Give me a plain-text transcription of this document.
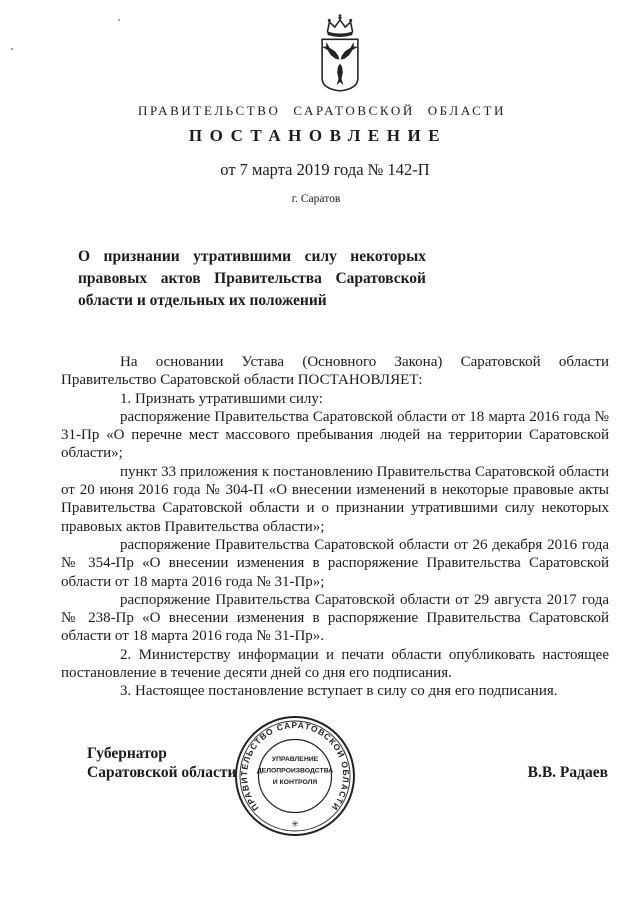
ПРАВИТЕЛЬСТВО САРАТОВСКОЙ ОБЛАСТИ
ПОСТАНОВЛЕНИЕ
от 7 марта 2019 года № 142-П
г. Саратов
О признании утратившими силу некоторых правовых актов Правительства Саратовской области и отдельных их положений

На основании Устава (Основного Закона) Саратовской области Правительство Саратовской области ПОСТАНОВЛЯЕТ:

1. Признать утратившими силу:

распоряжение Правительства Саратовской области от 18 марта 2016 года № 31-Пр «О перечне мест массового пребывания людей на территории Саратовской области»;

пункт 33 приложения к постановлению Правительства Саратовской области от 20 июня 2016 года № 304-П «О внесении изменений в некоторые правовые акты Правительства Саратовской области и о признании утратившими силу некоторых правовых актов Правительства области»;

распоряжение Правительства Саратовской области от 26 декабря 2016 года № 354-Пр «О внесении изменения в распоряжение Правительства Саратовской области от 18 марта 2016 года № 31-Пр»;

распоряжение Правительства Саратовской области от 29 августа 2017 года № 238-Пр «О внесении изменения в распоряжение Правительства Саратовской области от 18 марта 2016 года № 31-Пр».

2. Министерству информации и печати области опубликовать настоящее постановление в течение десяти дней со дня его подписания.

3. Настоящее постановление вступает в силу со дня его подписания.

Губернатор
Саратовской области	В.В. Радаев
ПРАВИТЕЛЬСТВО САРАТОВСКОЙ ОБЛАСТИ
✳
УПРАВЛЕНИЕ
ДЕЛОПРОИЗВОДСТВА
И КОНТРОЛЯ
